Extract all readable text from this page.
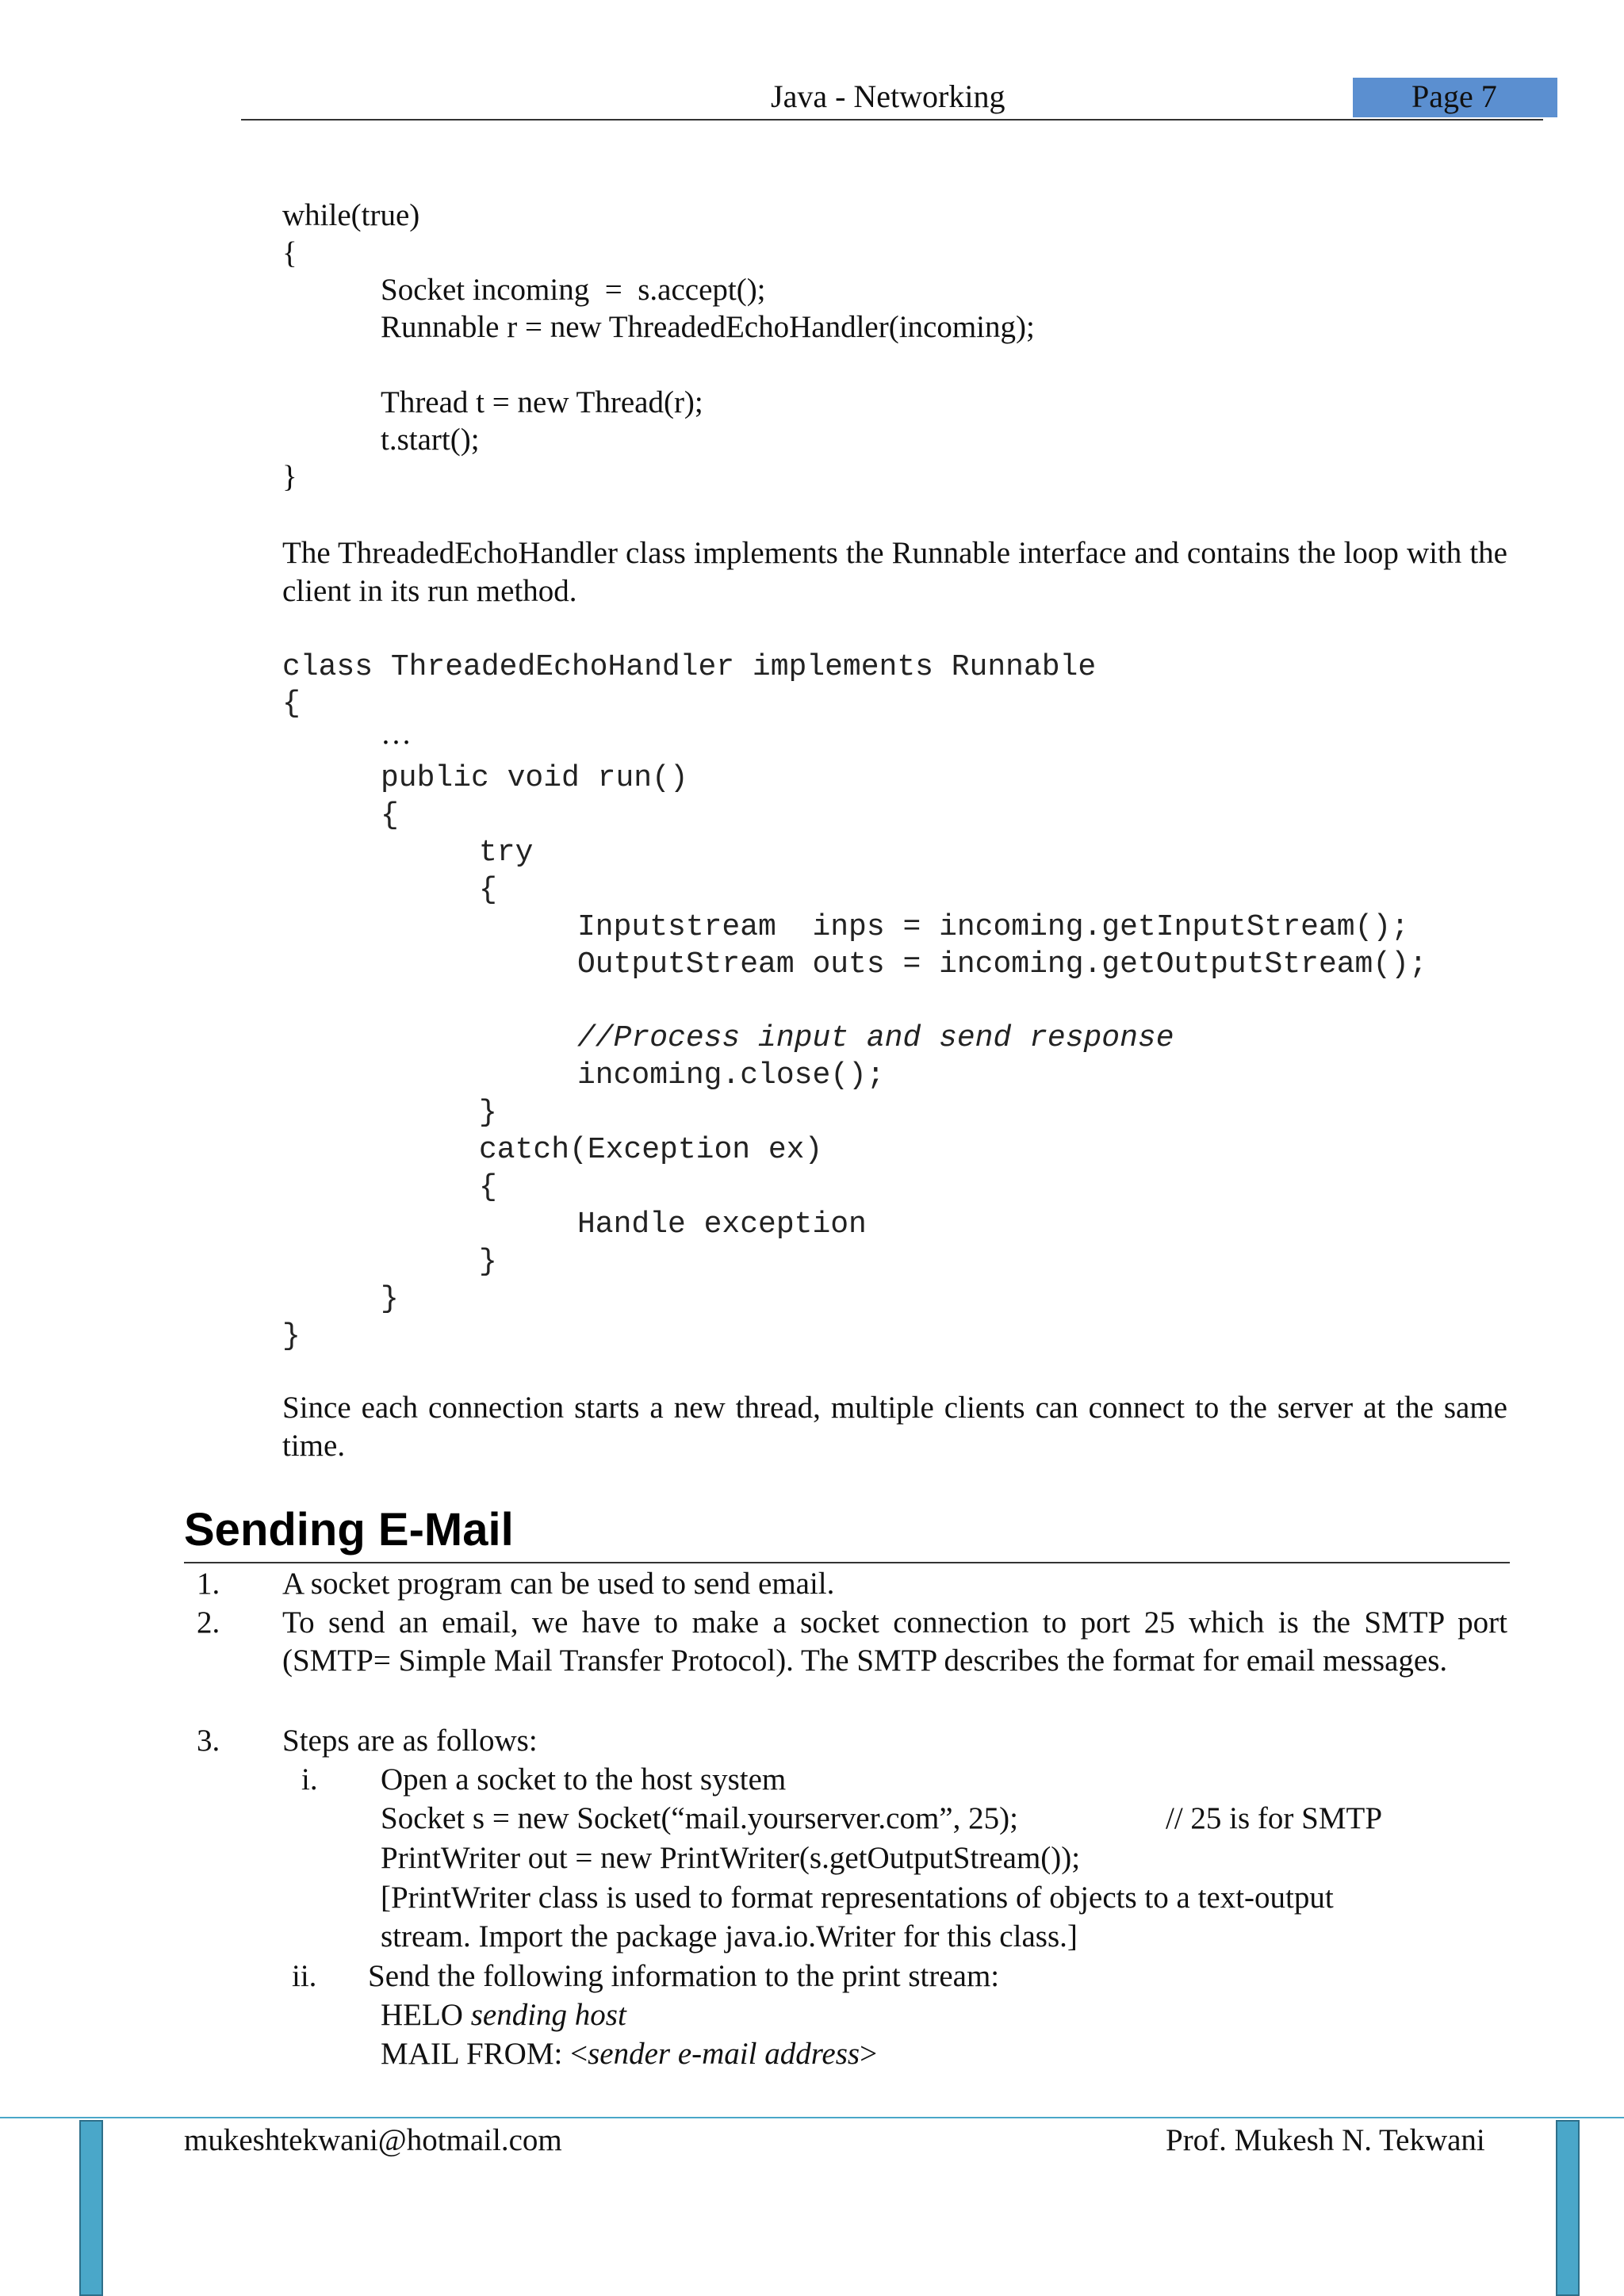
Java - Networking	Page 7
while(true)
{
Socket incoming  =  s.accept();
Runnable r = new ThreadedEchoHandler(incoming);
Thread t = new Thread(r);
t.start();
}
The ThreadedEchoHandler class implements the Runnable interface and contains the loop with the client in its run method.
class ThreadedEchoHandler implements Runnable
{
…
public void run()
{
try
{
Inputstream  inps = incoming.getInputStream();
OutputStream outs = incoming.getOutputStream();
//Process input and send response
incoming.close();
}
catch(Exception ex)
{
Handle exception
}
}
}
Since each connection starts a new thread, multiple clients can connect to the server at the same time.
Sending E-Mail
1. A socket program can be used to send email.
2. To send an email, we have to make a socket connection to port 25 which is the SMTP port (SMTP= Simple Mail Transfer Protocol). The SMTP describes the format for email messages.
3. Steps are as follows:
i. Open a socket to the host system
Socket s = new Socket(“mail.yourserver.com”, 25);	// 25 is for SMTP
PrintWriter out = new PrintWriter(s.getOutputStream());
[PrintWriter class is used to format representations of objects to a text-output
stream. Import the package java.io.Writer for this class.]
ii. Send the following information to the print stream:
HELO sending host
MAIL FROM: <sender e-mail address>
mukeshtekwani@hotmail.com	Prof. Mukesh N. Tekwani
